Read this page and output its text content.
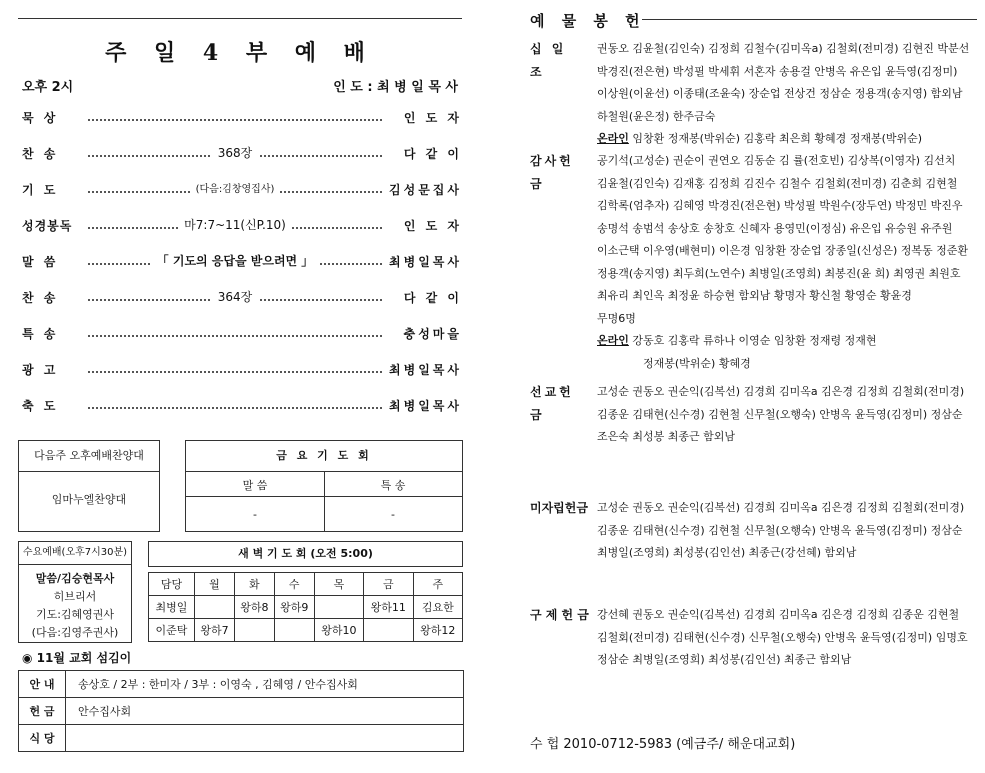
주 일 4 부 예 배
오후 2시	인 도 : 최 병 일 목 사
묵 상	인 도 자
찬 송	368장	다 같 이
기 도	(다음:김창영집사)	김성문집사
성경봉독	마7:7~11(신P.10)	인 도 자
말 씀	「 기도의 응답을 받으려면 」	최병일목사
찬 송	364장	다 같 이
특 송	충성마을
광 고	최병일목사
축 도	최병일목사
다음주 오후예배찬양대
임마누엘찬양대
금 요 기 도 회
말 씀	특 송
-	-
수요예배(오후7시30분)
말씀/김승현목사
히브리서
기도:김혜영권사
(다음:김영주권사)
새 벽 기 도 회 (오전 5:00)
담당	월	화	수	목	금	주
최병일		왕하8	왕하9		왕하11	김요한
이준탁	왕하7			왕하10		왕하12
◉ 11월 교회 섬김이
안 내	송상호 / 2부 : 한미자 / 3부 : 이영숙 , 김혜영 / 안수집사회
헌 금	안수집사회
식 당	
예 물 봉 헌
십 일 조
권동오 김윤철(김인숙) 김정희 김철수(김미옥a) 김철회(전미경) 김현진 박분선
박경진(전은현) 박성필 박세휘 서혼자 송용걸 안병옥 유은입 윤득영(김정미)
이상원(이윤선) 이종태(조윤숙) 장순업 전상건 정삼순 정용객(송지영) 함외남
하철원(윤은정) 한주금숙
온라인 임창환 정재봉(박위순) 김홍락 최은희 황혜경 정재봉(박위순)
감사헌금
공기석(고성순) 권순이 권연오 김동순 김 률(전호빈) 김상복(이영자) 김선치
김윤철(김인숙) 김재홍 김정희 김진수 김철수 김철회(전미경) 김춘희 김현철
김학록(엄추자) 김혜영 박경진(전은현) 박성필 박원수(장두연) 박정민 박진우
송명석 송범석 송상호 송창호 신혜자 용영민(이정심) 유은입 유승원 유주원
이소근택 이우영(배현미) 이은경 임창환 장순업 장종일(신성은) 정복동 정준환
정용객(송지영) 최두희(노연수) 최병일(조영희) 최봉진(윤 희) 최영권 최원호
최유리 최인옥 최정윤 하승현 함외남 황명자 황신철 황영순 황윤경
무명6명
온라인 강동호 김홍락 류하나 이영순 임창환 정재령 정재현
정재봉(박위순) 황혜경
선교헌금
고성순 권동오 권순익(김복선) 김경희 김미옥a 김은경 김정희 김철회(전미경)
김종운 김태현(신수경) 김현철 신무철(오행숙) 안병옥 윤득영(김정미) 정삼순
조은숙 최성봉 최종근 함외남
미자립헌금 고성순 권동오 권순익(김복선) 김경희 김미옥a 김은경 김정희 김철회(전미경)
김종운 김태현(신수경) 김현철 신무철(오행숙) 안병옥 윤득영(김정미) 정삼순
최병일(조영희) 최성봉(김인선) 최종근(강선혜) 함외남
구 제 헌 금 강선혜 권동오 권순익(김복선) 김경희 김미옥a 김은경 김정희 김종운 김현철
김철회(전미경) 김태현(신수경) 신무철(오행숙) 안병옥 윤득영(김정미) 임명호
정삼순 최병일(조영희) 최성봉(김인선) 최종근 함외남
수 헙 2010-0712-5983 (예금주/ 해운대교회)
